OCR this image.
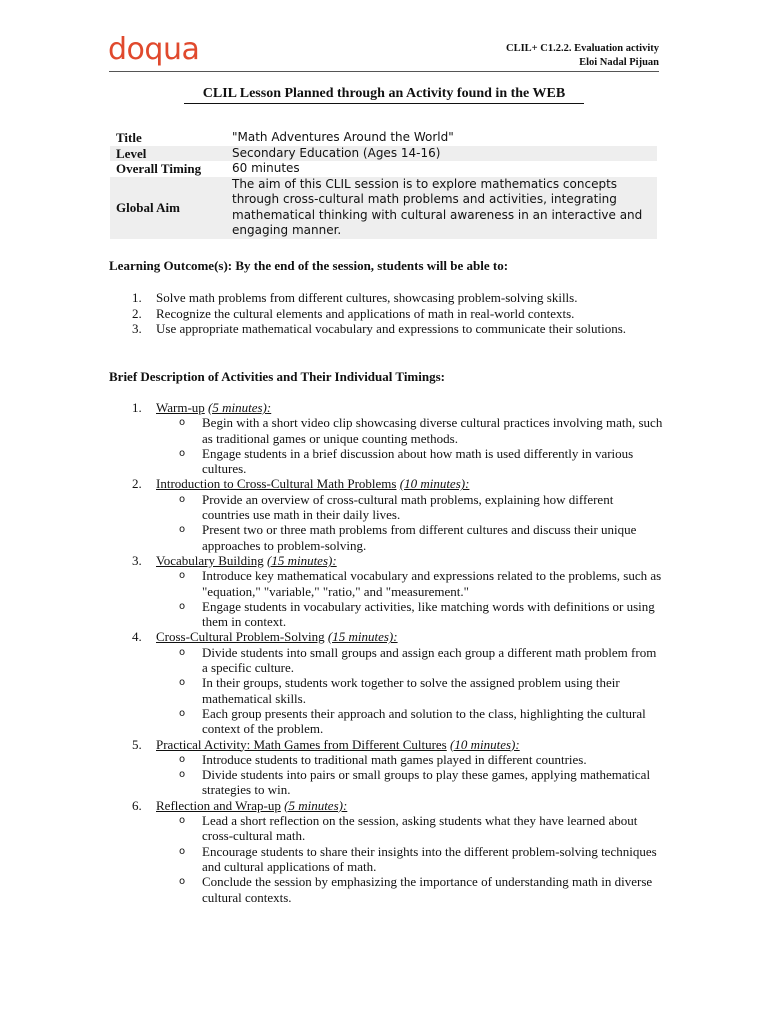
doqua	CLIL+ C1.2.2. Evaluation activity
Eloi Nadal Pijuan
CLIL Lesson Planned through an Activity found in the WEB
Title	"Math Adventures Around the World"
Level	Secondary Education (Ages 14-16)
Overall Timing	60 minutes
Global Aim	The aim of this CLIL session is to explore mathematics concepts through cross-cultural math problems and activities, integrating mathematical thinking with cultural awareness in an interactive and engaging manner.
Learning Outcome(s): By the end of the session, students will be able to:
1. Solve math problems from different cultures, showcasing problem-solving skills.
2. Recognize the cultural elements and applications of math in real-world contexts.
3. Use appropriate mathematical vocabulary and expressions to communicate their solutions.
Brief Description of Activities and Their Individual Timings:
1. Warm-up (5 minutes):
o Begin with a short video clip showcasing diverse cultural practices involving math, such as traditional games or unique counting methods.
o Engage students in a brief discussion about how math is used differently in various cultures.
2. Introduction to Cross-Cultural Math Problems (10 minutes):
o Provide an overview of cross-cultural math problems, explaining how different countries use math in their daily lives.
o Present two or three math problems from different cultures and discuss their unique approaches to problem-solving.
3. Vocabulary Building (15 minutes):
o Introduce key mathematical vocabulary and expressions related to the problems, such as "equation," "variable," "ratio," and "measurement."
o Engage students in vocabulary activities, like matching words with definitions or using them in context.
4. Cross-Cultural Problem-Solving (15 minutes):
o Divide students into small groups and assign each group a different math problem from a specific culture.
o In their groups, students work together to solve the assigned problem using their mathematical skills.
o Each group presents their approach and solution to the class, highlighting the cultural context of the problem.
5. Practical Activity: Math Games from Different Cultures (10 minutes):
o Introduce students to traditional math games played in different countries.
o Divide students into pairs or small groups to play these games, applying mathematical strategies to win.
6. Reflection and Wrap-up (5 minutes):
o Lead a short reflection on the session, asking students what they have learned about cross-cultural math.
o Encourage students to share their insights into the different problem-solving techniques and cultural applications of math.
o Conclude the session by emphasizing the importance of understanding math in diverse cultural contexts.
